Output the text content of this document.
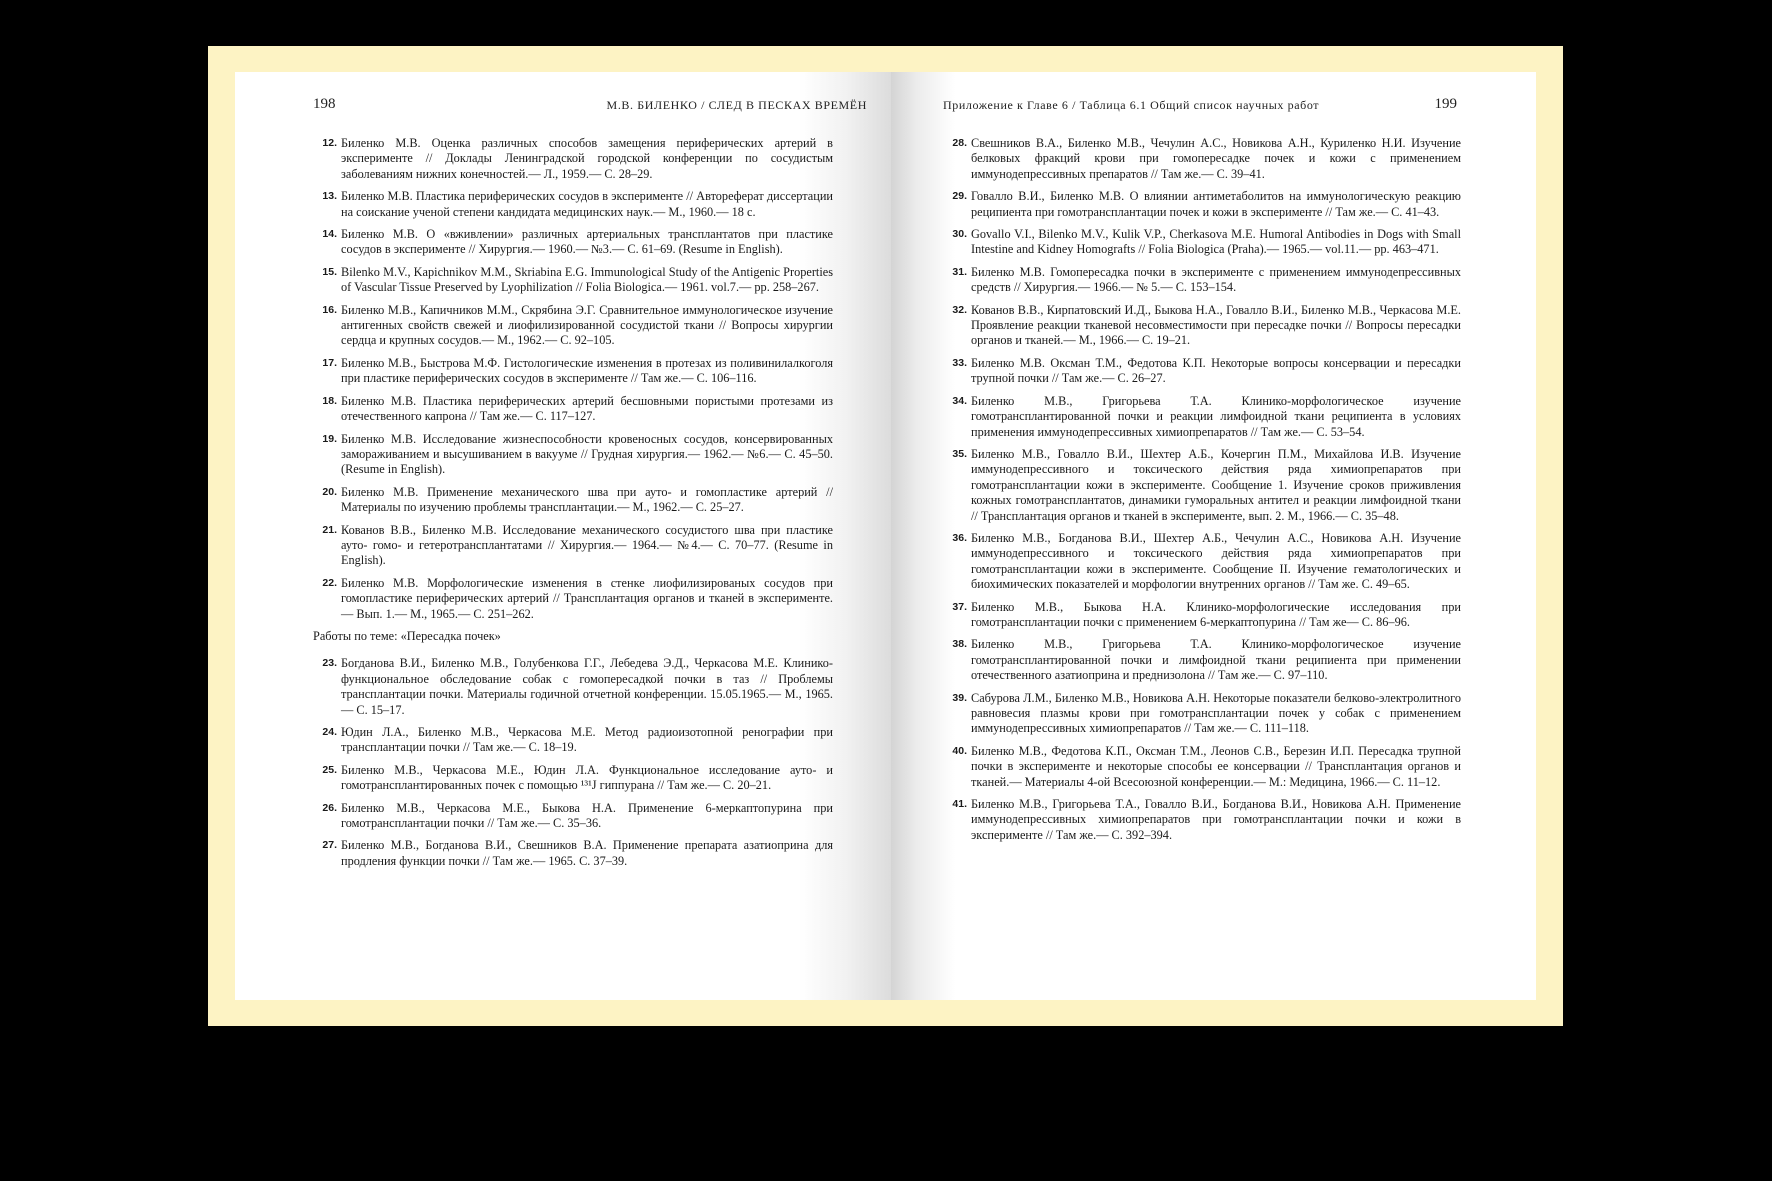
198	М.В. БИЛЕНКО / СЛЕД В ПЕСКАХ ВРЕМЁН
12. Биленко М.В. Оценка различных способов замещения периферических артерий в эксперименте // Доклады Ленинградской городской конференции по сосудистым заболеваниям нижних конечностей.— Л., 1959.— С. 28–29.
13. Биленко М.В. Пластика периферических сосудов в эксперименте // Автореферат диссертации на соискание ученой степени кандидата медицинских наук.— М., 1960.— 18 с.
14. Биленко М.В. О «вживлении» различных артериальных трансплантатов при пластике сосудов в эксперименте // Хирургия.— 1960.— №3.— С. 61–69. (Resume in English).
15. Bilenko M.V., Kapichnikov M.M., Skriabina E.G. Immunological Study of the Antigenic Properties of Vascular Tissue Preserved by Lyophilization // Folia Biologica.— 1961. vol.7.— pp. 258–267.
16. Биленко М.В., Капичников М.М., Скрябина Э.Г. Сравнительное иммунологическое изучение антигенных свойств свежей и лиофилизированной сосудистой ткани // Вопросы хирургии сердца и крупных сосудов.— М., 1962.— С. 92–105.
17. Биленко М.В., Быстрова М.Ф. Гистологические изменения в протезах из поливинилалкоголя при пластике периферических сосудов в эксперименте // Там же.— С. 106–116.
18. Биленко М.В. Пластика периферических артерий бесшовными пористыми протезами из отечественного капрона // Там же.— С. 117–127.
19. Биленко М.В. Исследование жизнеспособности кровеносных сосудов, консервированных замораживанием и высушиванием в вакууме // Грудная хирургия.— 1962.— №6.— С. 45–50. (Resume in English).
20. Биленко М.В. Применение механического шва при ауто- и гомопластике артерий // Материалы по изучению проблемы трансплантации.— М., 1962.— С. 25–27.
21. Кованов В.В., Биленко М.В. Исследование механического сосудистого шва при пластике ауто- гомо- и гетеротрансплантатами // Хирургия.— 1964.— №4.— С. 70–77. (Resume in English).
22. Биленко М.В. Морфологические изменения в стенке лиофилизированых сосудов при гомопластике периферических артерий // Трансплантация органов и тканей в эксперименте.— Вып. 1.— М., 1965.— С. 251–262.
Работы по теме: «Пересадка почек»
23. Богданова В.И., Биленко М.В., Голубенкова Г.Г., Лебедева Э.Д., Черкасова М.Е. Клинико-функциональное обследование собак с гомопересадкой почки в таз // Проблемы трансплантации почки. Материалы годичной отчетной конференции. 15.05.1965.— М., 1965.— С. 15–17.
24. Юдин Л.А., Биленко М.В., Черкасова М.Е. Метод радиоизотопной ренографии при трансплантации почки // Там же.— С. 18–19.
25. Биленко М.В., Черкасова М.Е., Юдин Л.А. Функциональное исследование ауто- и гомотрансплантированных почек с помощью ¹³¹J гиппурана // Там же.— С. 20–21.
26. Биленко М.В., Черкасова М.Е., Быкова Н.А. Применение 6-меркаптопурина при гомотрансплантации почки // Там же.— С. 35–36.
27. Биленко М.В., Богданова В.И., Свешников В.А. Применение препарата азатиоприна для продления функции почки // Там же.— 1965. С. 37–39.
Приложение к Главе 6 / Таблица 6.1 Общий список научных работ	199
28. Свешников В.А., Биленко М.В., Чечулин А.С., Новикова А.Н., Куриленко Н.И. Изучение белковых фракций крови при гомопересадке почек и кожи с применением иммунодепрессивных препаратов // Там же.— С. 39–41.
29. Говалло В.И., Биленко М.В. О влиянии антиметаболитов на иммунологическую реакцию реципиента при гомотрансплантации почек и кожи в эксперименте // Там же.— С. 41–43.
30. Govallo V.I., Bilenko M.V., Kulik V.P., Cherkasova M.E. Humoral Antibodies in Dogs with Small Intestine and Kidney Homografts // Folia Biologica (Praha).— 1965.— vol.11.— pp. 463–471.
31. Биленко М.В. Гомопересадка почки в эксперименте с применением иммунодепрессивных средств // Хирургия.— 1966.— № 5.— С. 153–154.
32. Кованов В.В., Кирпатовский И.Д., Быкова Н.А., Говалло В.И., Биленко М.В., Черкасова М.Е. Проявление реакции тканевой несовместимости при пересадке почки // Вопросы пересадки органов и тканей.— М., 1966.— С. 19–21.
33. Биленко М.В. Оксман Т.М., Федотова К.П. Некоторые вопросы консервации и пересадки трупной почки // Там же.— С. 26–27.
34. Биленко М.В., Григорьева Т.А. Клинико-морфологическое изучение гомотрансплантированной почки и реакции лимфоидной ткани реципиента в условиях применения иммунодепрессивных химиопрепаратов // Там же.— С. 53–54.
35. Биленко М.В., Говалло В.И., Шехтер А.Б., Кочергин П.М., Михайлова И.В. Изучение иммунодепрессивного и токсического действия ряда химиопрепаратов при гомотрансплантации кожи в эксперименте. Сообщение 1. Изучение сроков приживления кожных гомотрансплантатов, динамики гуморальных антител и реакции лимфоидной ткани // Трансплантация органов и тканей в эксперименте, вып. 2. М., 1966.— С. 35–48.
36. Биленко М.В., Богданова В.И., Шехтер А.Б., Чечулин А.С., Новикова А.Н. Изучение иммунодепрессивного и токсического действия ряда химиопрепаратов при гомотрансплантации кожи в эксперименте. Сообщение II. Изучение гематологических и биохимических показателей и морфологии внутренних органов // Там же. С. 49–65.
37. Биленко М.В., Быкова Н.А. Клинико-морфологические исследования при гомотрансплантации почки с применением 6-меркаптопурина // Там же— С. 86–96.
38. Биленко М.В., Григорьева Т.А. Клинико-морфологическое изучение гомотрансплантированной почки и лимфоидной ткани реципиента при применении отечественного азатиоприна и преднизолона // Там же.— С. 97–110.
39. Сабурова Л.М., Биленко М.В., Новикова А.Н. Некоторые показатели белково-электролитного равновесия плазмы крови при гомотрансплантации почек у собак с применением иммунодепрессивных химиопрепаратов // Там же.— С. 111–118.
40. Биленко М.В., Федотова К.П., Оксман Т.М., Леонов С.В., Березин И.П. Пересадка трупной почки в эксперименте и некоторые способы ее консервации // Трансплантация органов и тканей.— Материалы 4-ой Всесоюзной конференции.— М.: Медицина, 1966.— С. 11–12.
41. Биленко М.В., Григорьева Т.А., Говалло В.И., Богданова В.И., Новикова А.Н. Применение иммунодепрессивных химиопрепаратов при гомотрансплантации почки и кожи в эксперименте // Там же.— С. 392–394.
